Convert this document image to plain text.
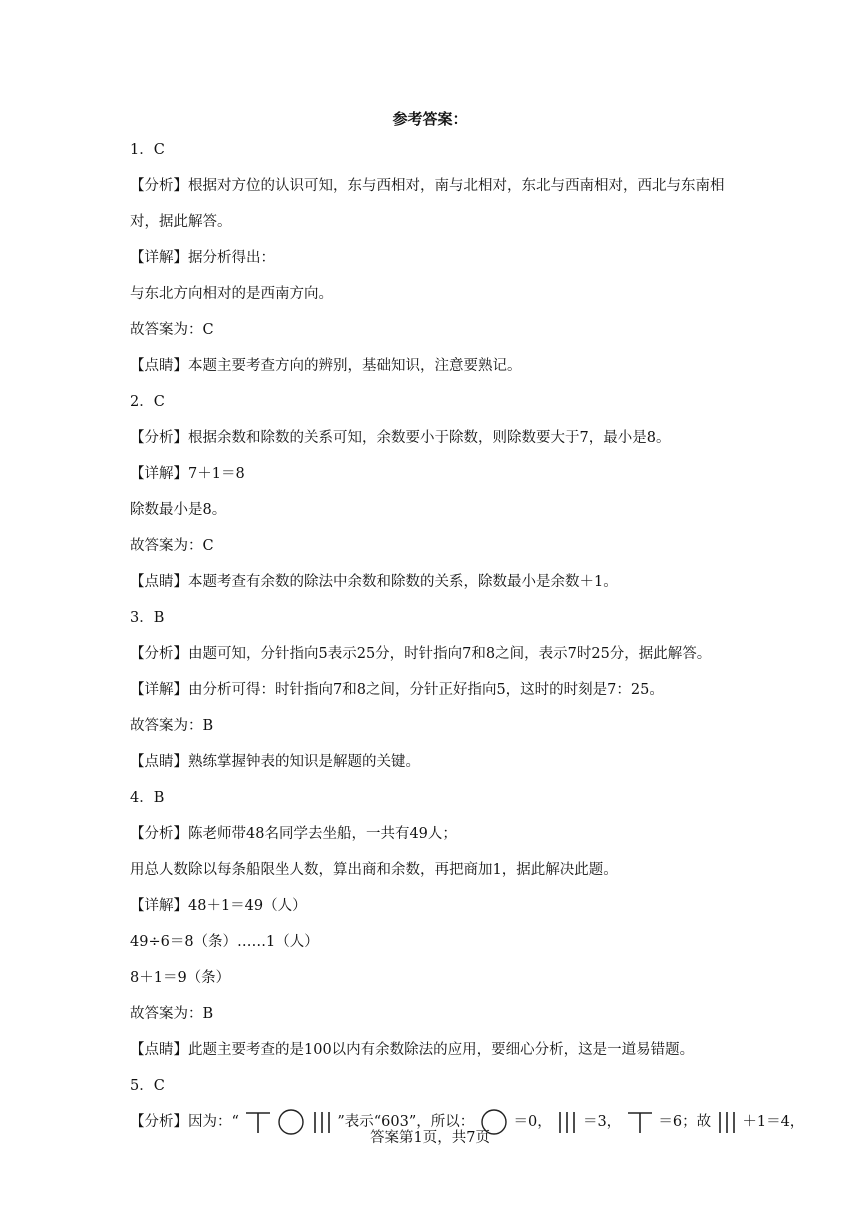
参考答案：
1．C
【分析】根据对方位的认识可知，东与西相对，南与北相对，东北与西南相对，西北与东南相对，据此解答。
【详解】据分析得出：
与东北方向相对的是西南方向。
故答案为：C
【点睛】本题主要考查方向的辨别，基础知识，注意要熟记。
2．C
【分析】根据余数和除数的关系可知，余数要小于除数，则除数要大于7，最小是8。
【详解】7＋1＝8
除数最小是8。
故答案为：C
【点睛】本题考查有余数的除法中余数和除数的关系，除数最小是余数＋1。
3．B
【分析】由题可知，分针指向5表示25分，时针指向7和8之间，表示7时25分，据此解答。
【详解】由分析可得：时针指向7和8之间，分针正好指向5，这时的时刻是7：25。
故答案为：B
【点睛】熟练掌握钟表的知识是解题的关键。
4．B
【分析】陈老师带48名同学去坐船，一共有49人；
用总人数除以每条船限坐人数，算出商和余数，再把商加1，据此解决此题。
【详解】48＋1＝49（人）
49÷6＝8（条）……1（人）
8＋1＝9（条）
故答案为：B
【点睛】此题主要考查的是100以内有余数除法的应用，要细心分析，这是一道易错题。
5．C
【分析】因为：“	”表示“603”，所以：	＝0， ＝3，	＝6；故 ＋1＝4，
答案第1页，共7页
